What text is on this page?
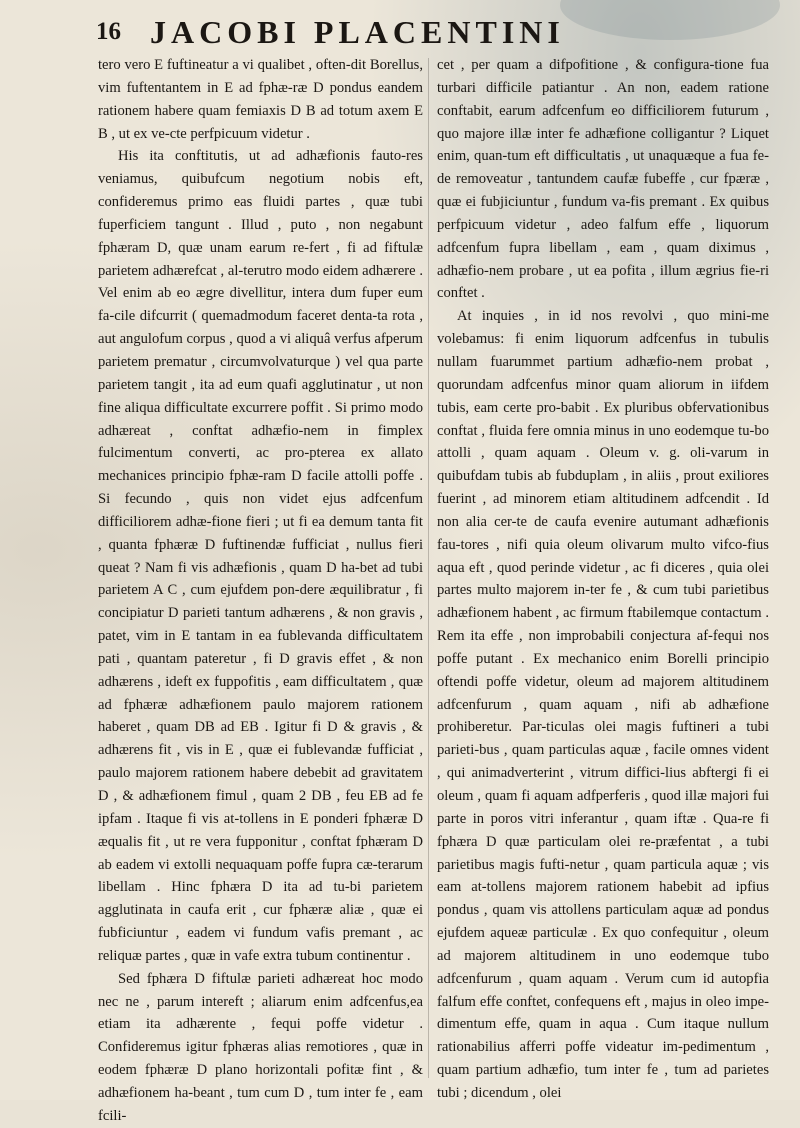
16 JACOBI PLACENTINI

tero vero E fuftineatur a vi qualibet , often-dit Borellus, vim fuftentantem in E ad fphæ-ræ D pondus eandem rationem habere quam femiaxis D B ad totum axem E B , ut ex ve-cte perfpicuum videtur .

His ita conftitutis, ut ad adhæfionis fauto-res veniamus, quibufcum negotium nobis eft, confideremus primo eas fluidi partes , quæ tubi fuperficiem tangunt . Illud , puto , non negabunt fphæram D, quæ unam earum re-fert , fi ad fiftulæ parietem adhærefcat , al-terutro modo eidem adhærere . Vel enim ab eo ægre divellitur, intera dum fuper eum fa-cile difcurrit ( quemadmodum faceret denta-ta rota , aut angulofum corpus , quod a vi aliquâ verfus afperum parietem prematur , circumvolvaturque ) vel qua parte parietem tangit , ita ad eum quafi agglutinatur , ut non fine aliqua difficultate excurrere poffit . Si primo modo adhæreat , conftat adhæfio-nem in fimplex fulcimentum converti, ac pro-pterea ex allato mechanices principio fphæ-ram D facile attolli poffe . Si fecundo , quis non videt ejus adfcenfum difficiliorem adhæ-fione fieri ; ut fi ea demum tanta fit , quanta fphæræ D fuftinendæ fufficiat , nullus fieri queat ? Nam fi vis adhæfionis , quam D ha-bet ad tubi parietem A C , cum ejufdem pon-dere æquilibratur , fi concipiatur D parieti tantum adhærens , & non gravis , patet, vim in E tantam in ea fublevanda difficultatem pati , quantam pateretur , fi D gravis effet , & non adhærens , ideft ex fuppofitis , eam difficultatem , quæ ad fphæræ adhæfionem paulo majorem rationem haberet , quam DB ad EB . Igitur fi D & gravis , & adhærens fit , vis in E , quæ ei fublevandæ fufficiat , paulo majorem rationem habere debebit ad gravitatem D , & adhæfionem fimul , quam 2 DB , feu EB ad fe ipfam . Itaque fi vis at-tollens in E ponderi fphæræ D æqualis fit , ut re vera fupponitur , conftat fphæram D ab eadem vi extolli nequaquam poffe fupra cæ-terarum libellam . Hinc fphæra D ita ad tu-bi parietem agglutinata in caufa erit , cur fphæræ aliæ , quæ ei fubficiuntur , eadem vi fundum vafis premant , ac reliquæ partes , quæ in vafe extra tubum continentur .

Sed fphæra D fiftulæ parieti adhæreat hoc modo nec ne , parum intereft ; aliarum enim adfcenfus,ea etiam ita adhærente , fequi poffe videtur . Confideremus igitur fphæras alias remotiores , quæ in eodem fphæræ D plano horizontali pofitæ fint , & adhæfionem ha-beant , tum cum D , tum inter fe , eam fcili-

cet , per quam a difpofitione , & configura-tione fua turbari difficile patiantur . An non, eadem ratione conftabit, earum adfcenfum eo difficiliorem futurum , quo majore illæ inter fe adhæfione colligantur ? Liquet enim, quan-tum eft difficultatis , ut unaquæque a fua fe-de removeatur , tantundem caufæ fubeffe , cur fpæræ , quæ ei fubjiciuntur , fundum va-fis premant . Ex quibus perfpicuum videtur , adeo falfum effe , liquorum adfcenfum fupra libellam , eam , quam diximus , adhæfio-nem probare , ut ea pofita , illum ægrius fie-ri conftet .

At inquies , in id nos revolvi , quo mini-me volebamus: fi enim liquorum adfcenfus in tubulis nullam fuarummet partium adhæfio-nem probat , quorundam adfcenfus minor quam aliorum in iifdem tubis, eam certe pro-babit . Ex pluribus obfervationibus conftat , fluida fere omnia minus in uno eodemque tu-bo attolli , quam aquam . Oleum v. g. oli-varum in quibufdam tubis ab fubduplam , in aliis , prout exiliores fuerint , ad minorem etiam altitudinem adfcendit . Id non alia cer-te de caufa evenire autumant adhæfionis fau-tores , nifi quia oleum olivarum multo vifco-fius aqua eft , quod perinde videtur , ac fi diceres , quia olei partes multo majorem in-ter fe , & cum tubi parietibus adhæfionem habent , ac firmum ftabilemque contactum . Rem ita effe , non improbabili conjectura af-fequi nos poffe putant . Ex mechanico enim Borelli principio oftendi poffe videtur, oleum ad majorem altitudinem adfcenfurum , quam aquam , nifi ab adhæfione prohiberetur. Par-ticulas olei magis fuftineri a tubi parieti-bus , quam particulas aquæ , facile omnes vident , qui animadverterint , vitrum diffici-lius abftergi fi ei oleum , quam fi aquam adfperferis , quod illæ majori fui parte in poros vitri inferantur , quam iftæ . Qua-re fi fphæra D quæ particulam olei re-præfentat , a tubi parietibus magis fufti-netur , quam particula aquæ ; vis eam at-tollens majorem rationem habebit ad ipfius pondus , quam vis attollens particulam aquæ ad pondus ejufdem aqueæ particulæ . Ex quo confequitur , oleum ad majorem altitudinem in uno eodemque tubo adfcenfurum , quam aquam . Verum cum id autopfia falfum effe conftet, confequens eft , majus in oleo impe-dimentum effe, quam in aqua . Cum itaque nullum rationabilius afferri poffe videatur im-pedimentum , quam partium adhæfio, tum inter fe , tum ad parietes tubi ; dicendum , olei
